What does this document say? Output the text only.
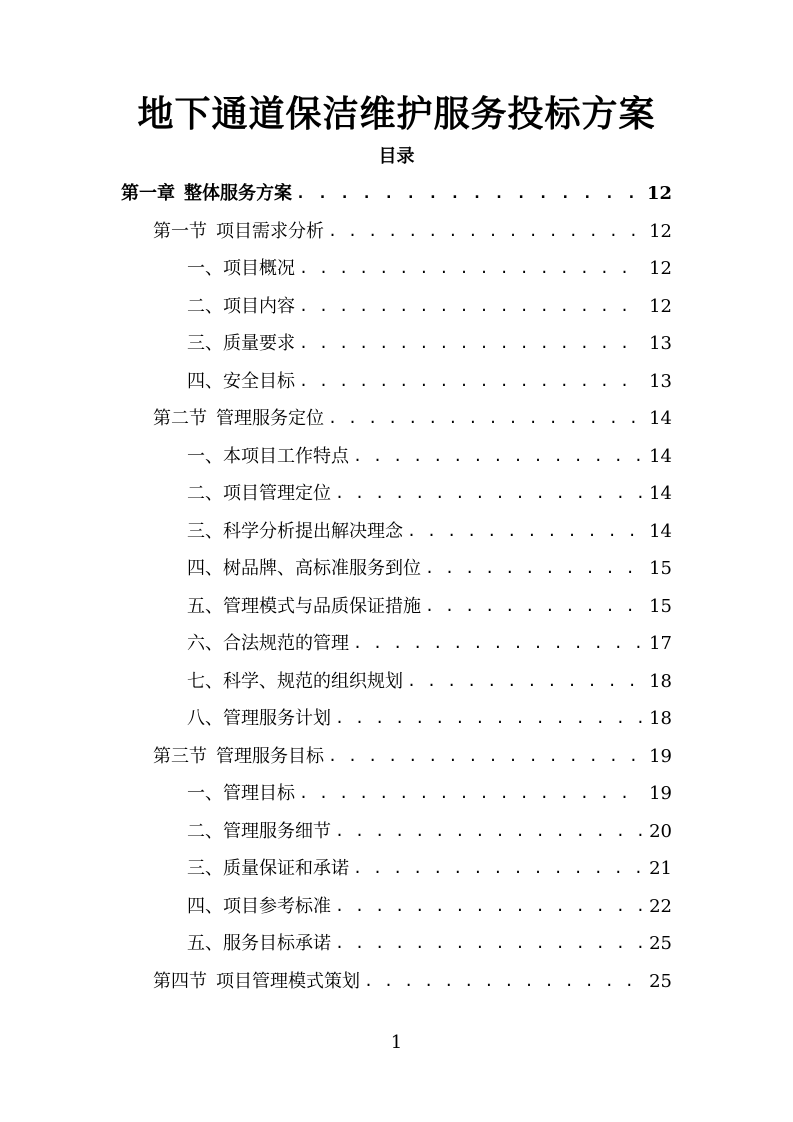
地下通道保洁维护服务投标方案
目录
第一章 整体服务方案 . . .	12
第一节 项目需求分析 . . .	12
一、项目概况 . . .	12
二、项目内容 . . .	12
三、质量要求 . . .	13
四、安全目标 . . .	13
第二节 管理服务定位 . . .	14
一、本项目工作特点 . . .	14
二、项目管理定位 . . .	14
三、科学分析提出解决理念 . . .	14
四、树品牌、高标准服务到位 . . .	15
五、管理模式与品质保证措施 . . .	15
六、合法规范的管理 . . .	17
七、科学、规范的组织规划 . . .	18
八、管理服务计划 . . .	18
第三节 管理服务目标 . . .	19
一、管理目标 . . .	19
二、管理服务细节 . . .	20
三、质量保证和承诺 . . .	21
四、项目参考标准 . . .	22
五、服务目标承诺 . . .	25
第四节 项目管理模式策划 . . .	25
1
